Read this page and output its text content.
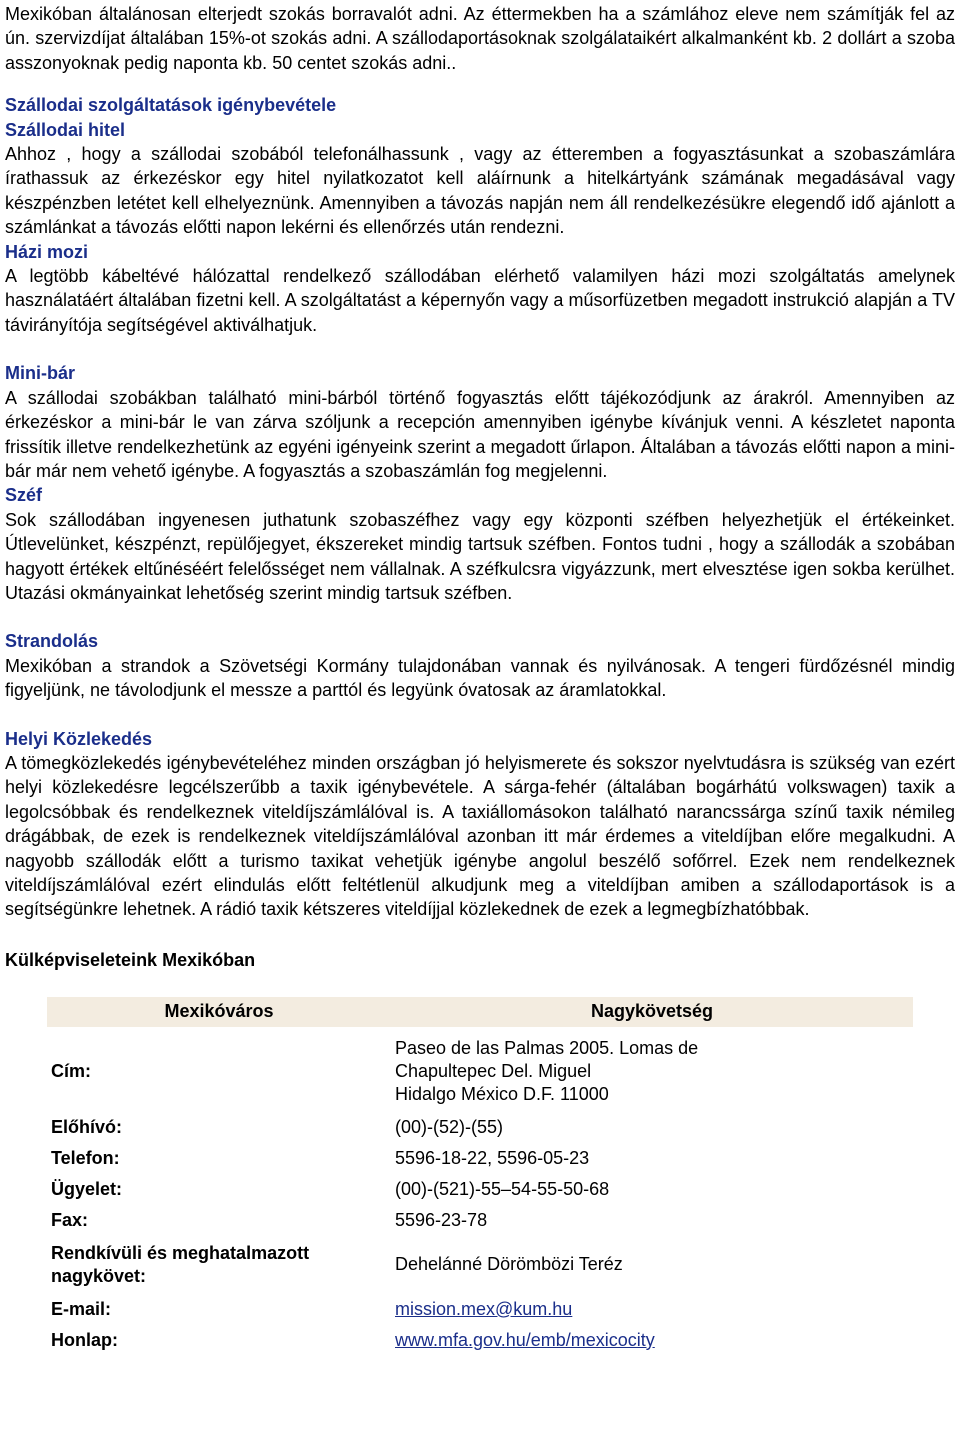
Mexikóban általánosan elterjedt szokás borravalót adni. Az éttermekben ha a számlához eleve nem számítják fel az ún. szervizdíjat általában 15%-ot szokás adni. A szállodaportásoknak szolgálataikért alkalmanként kb. 2 dollárt a szoba asszonyoknak pedig naponta kb. 50 centet szokás adni..

Szállodai szolgáltatások igénybevétele
Szállodai hitel

Ahhoz , hogy a szállodai szobából telefonálhassunk , vagy az étteremben a fogyasztásunkat a szobaszámlára írathassuk az érkezéskor egy hitel nyilatkozatot kell aláírnunk a hitelkártyánk számának megadásával vagy készpénzben letétet kell elhelyeznünk. Amennyiben a távozás napján nem áll rendelkezésükre elegendő idő ajánlott a számlánkat a távozás előtti napon lekérni és ellenőrzés után rendezni.

Házi mozi

A legtöbb kábeltévé hálózattal rendelkező szállodában elérhető valamilyen házi mozi szolgáltatás amelynek használatáért általában fizetni kell. A szolgáltatást a képernyőn vagy a műsorfüzetben megadott instrukció alapján a TV távirányítója segítségével aktiválhatjuk.

Mini-bár

A szállodai szobákban található mini-bárból történő fogyasztás előtt tájékozódjunk az árakról. Amennyiben az érkezéskor a mini-bár le van zárva szóljunk a recepción amennyiben igénybe kívánjuk venni. A készletet naponta frissítik illetve rendelkezhetünk az egyéni igényeink szerint a megadott űrlapon. Általában a távozás előtti napon a mini-bár már nem vehető igénybe. A fogyasztás a szobaszámlán fog megjelenni.

Széf

Sok szállodában ingyenesen juthatunk szobaszéfhez vagy egy központi széfben helyezhetjük el értékeinket. Útlevelünket, készpénzt, repülőjegyet, ékszereket mindig tartsuk széfben. Fontos tudni , hogy a szállodák a szobában hagyott értékek eltűnéséért felelősséget nem vállalnak. A széfkulcsra vigyázzunk, mert elvesztése igen sokba kerülhet. Utazási okmányainkat lehetőség szerint mindig tartsuk széfben.

Strandolás

Mexikóban a strandok a Szövetségi Kormány tulajdonában vannak és nyilvánosak. A tengeri fürdőzésnél mindig figyeljünk, ne távolodjunk el messze a parttól és legyünk óvatosak az áramlatokkal.

Helyi Közlekedés

A tömegközlekedés igénybevételéhez minden országban jó helyismerete és sokszor nyelvtudásra is szükség van ezért helyi közlekedésre legcélszerűbb a taxik igénybevétele. A sárga-fehér (általában bogárhátú volkswagen) taxik a legolcsóbbak és rendelkeznek viteldíjszámlálóval is. A taxiállomásokon található narancssárga színű taxik némileg drágábbak, de ezek is rendelkeznek viteldíjszámlálóval azonban itt már érdemes a viteldíjban előre megalkudni. A nagyobb szállodák előtt a turismo taxikat vehetjük igénybe angolul beszélő sofőrrel. Ezek nem rendelkeznek viteldíjszámlálóval ezért elindulás előtt feltétlenül alkudjunk meg a viteldíjban amiben a szállodaportások is a segítségünkre lehetnek. A rádió taxik kétszeres viteldíjjal közlekednek de ezek a legmegbízhatóbbak.

Külképviseleteink Mexikóban
Mexikóváros	Nagykövetség
Cím:	Paseo de las Palmas 2005. Lomas de
Chapultepec Del. Miguel
Hidalgo México D.F. 11000

Előhívó:	(00)-(52)-(55)
Telefon:	5596-18-22, 5596-05-23
Ügyelet:	(00)-(521)-55–54-55-50-68
Fax:	5596-23-78
Rendkívüli és meghatalmazott nagykövet:	Dehelánné Dörömbözi Teréz
E-mail:	mission.mex@kum.hu
Honlap:	www.mfa.gov.hu/emb/mexicocity
